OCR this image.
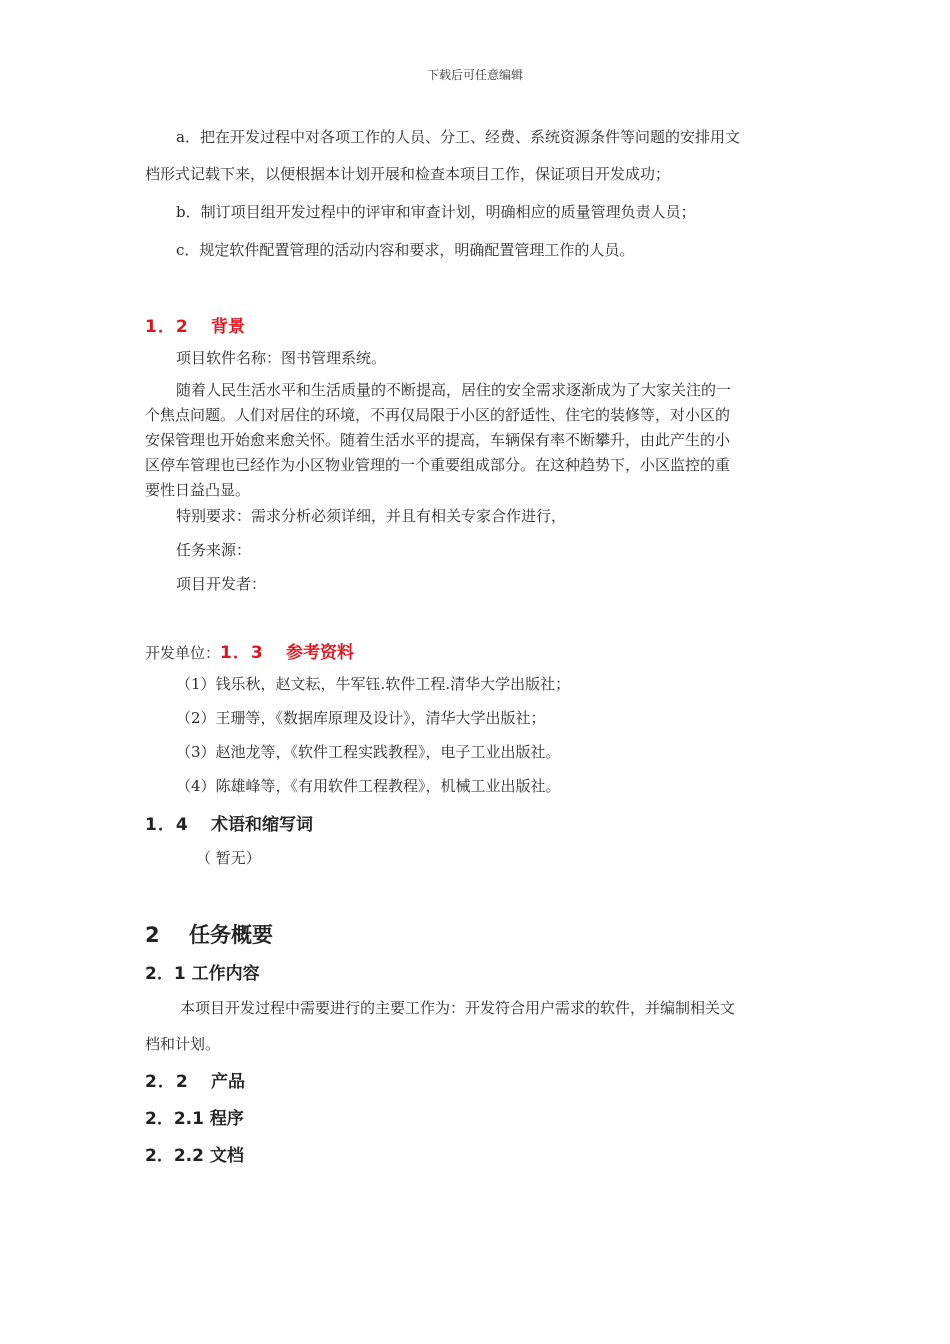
下载后可任意编辑
a．把在开发过程中对各项工作的人员、分工、经费、系统资源条件等问题的安排用文
档形式记载下来，以便根据本计划开展和检查本项目工作，保证项目开发成功；
b．制订项目组开发过程中的评审和审查计划，明确相应的质量管理负责人员；
c．规定软件配置管理的活动内容和要求，明确配置管理工作的人员。
1．2 背景
项目软件名称：图书管理系统。
随着人民生活水平和生活质量的不断提高，居住的安全需求逐渐成为了大家关注的一
个焦点问题。人们对居住的环境，不再仅局限于小区的舒适性、住宅的装修等，对小区的
安保管理也开始愈来愈关怀。随着生活水平的提高，车辆保有率不断攀升，由此产生的小
区停车管理也已经作为小区物业管理的一个重要组成部分。在这种趋势下，小区监控的重
要性日益凸显。
特别要求：需求分析必须详细，并且有相关专家合作进行，
任务来源：
项目开发者：
开发单位：1．3 参考资料
（1）钱乐秋，赵文耘，牛军钰.软件工程.清华大学出版社；
（2）王珊等，《数据库原理及设计》，清华大学出版社；
（3）赵池龙等，《软件工程实践教程》，电子工业出版社。
（4）陈雄峰等，《有用软件工程教程》，机械工业出版社。
1．4 术语和缩写词
（ 暂无）
2 任务概要
2．1 工作内容
本项目开发过程中需要进行的主要工作为：开发符合用户需求的软件，并编制相关文
档和计划。
2．2 产品
2．2.1 程序
2．2.2 文档
